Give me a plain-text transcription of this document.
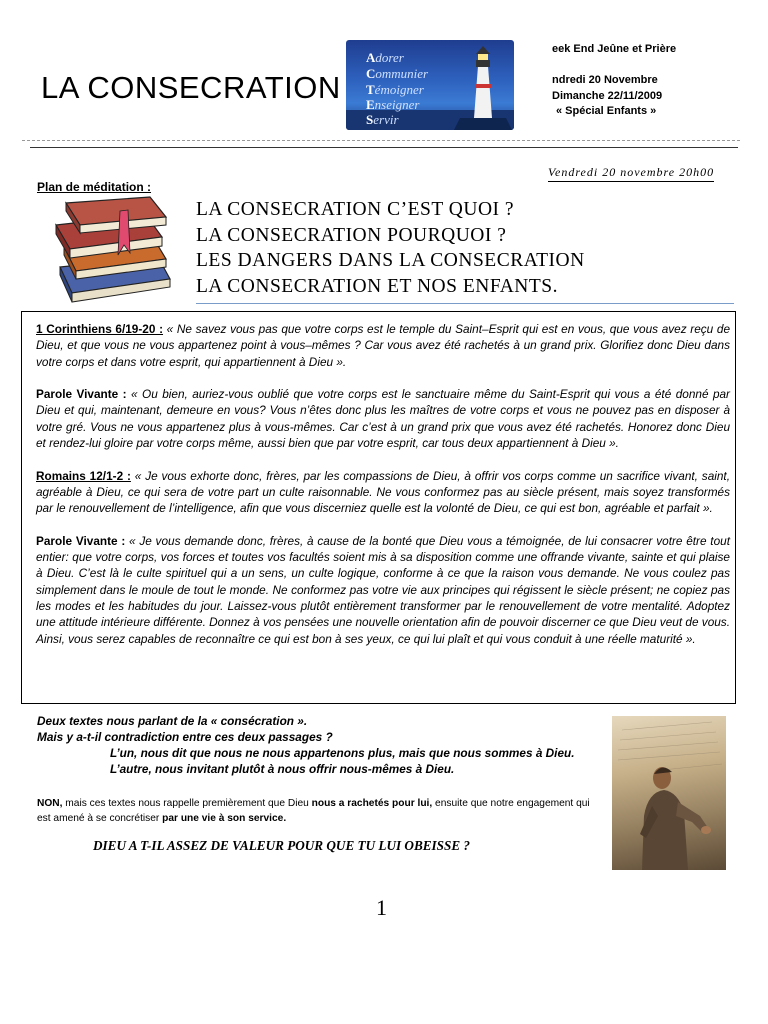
LA CONSECRATION
Adorer
Communier
Témoigner
Enseigner
Servir
eek End Jeûne et Prière
ndredi 20 Novembre
Dimanche 22/11/2009
« Spécial Enfants »
Vendredi 20 novembre 20h00
Plan de méditation :
LA CONSECRATION C’EST QUOI ?
LA CONSECRATION POURQUOI ?
LES DANGERS DANS LA CONSECRATION
LA CONSECRATION ET NOS ENFANTS.

1 Corinthiens 6/19-20 : « Ne savez vous pas que votre corps est le temple du Saint–Esprit qui est en vous, que vous avez reçu de Dieu, et que vous ne vous appartenez point à vous–mêmes ? Car vous avez été rachetés à un grand prix. Glorifiez donc Dieu dans votre corps et dans votre esprit, qui appartiennent à Dieu ».

Parole Vivante : « Ou bien, auriez-vous oublié que votre corps est le sanctuaire même du Saint-Esprit qui vous a été donné par Dieu et qui, maintenant, demeure en vous? Vous n’êtes donc plus les maîtres de votre corps et vous ne pouvez pas en disposer à votre gré. Vous ne vous appartenez plus à vous-mêmes. Car c’est à un grand prix que vous avez été rachetés. Honorez donc Dieu et rendez-lui gloire par votre corps même, aussi bien que par votre esprit, car tous deux appartiennent à Dieu ».

Romains 12/1-2 : « Je vous exhorte donc, frères, par les compassions de Dieu, à offrir vos corps comme un sacrifice vivant, saint, agréable à Dieu, ce qui sera de votre part un culte raisonnable. Ne vous conformez pas au siècle présent, mais soyez transformés par le renouvellement de l’intelligence, afin que vous discerniez quelle est la volonté de Dieu, ce qui est bon, agréable et parfait ».

Parole Vivante : « Je vous demande donc, frères, à cause de la bonté que Dieu vous a témoignée, de lui consacrer votre être tout entier: que votre corps, vos forces et toutes vos facultés soient mis à sa disposition comme une offrande vivante, sainte et qui plaise à Dieu. C’est là le culte spirituel qui a un sens, un culte logique, conforme à ce que la raison vous demande. Ne vous coulez pas simplement dans le moule de tout le monde. Ne conformez pas votre vie aux principes qui régissent le siècle présent; ne copiez pas les modes et les habitudes du jour. Laissez-vous plutôt entièrement transformer par le renouvellement de votre mentalité. Adoptez une attitude intérieure différente. Donnez à vos pensées une nouvelle orientation afin de pouvoir discerner ce que Dieu veut de vous. Ainsi, vous serez capables de reconnaître ce qui est bon à ses yeux, ce qui lui plaît et qui vous conduit à une réelle maturité ».

Deux textes nous parlant de la « consécration ».
Mais y a-t-il contradiction entre ces deux passages ?
L’un, nous dit que nous ne nous appartenons plus, mais que nous sommes à Dieu.
L’autre, nous invitant plutôt à nous offrir nous-mêmes à Dieu.
NON, mais ces textes nous rappelle premièrement que Dieu nous a rachetés pour lui, ensuite que notre engagement qui est amené à se concrétiser par une vie à son service.
DIEU A T-IL ASSEZ DE VALEUR POUR QUE TU LUI OBEISSE ?
1
